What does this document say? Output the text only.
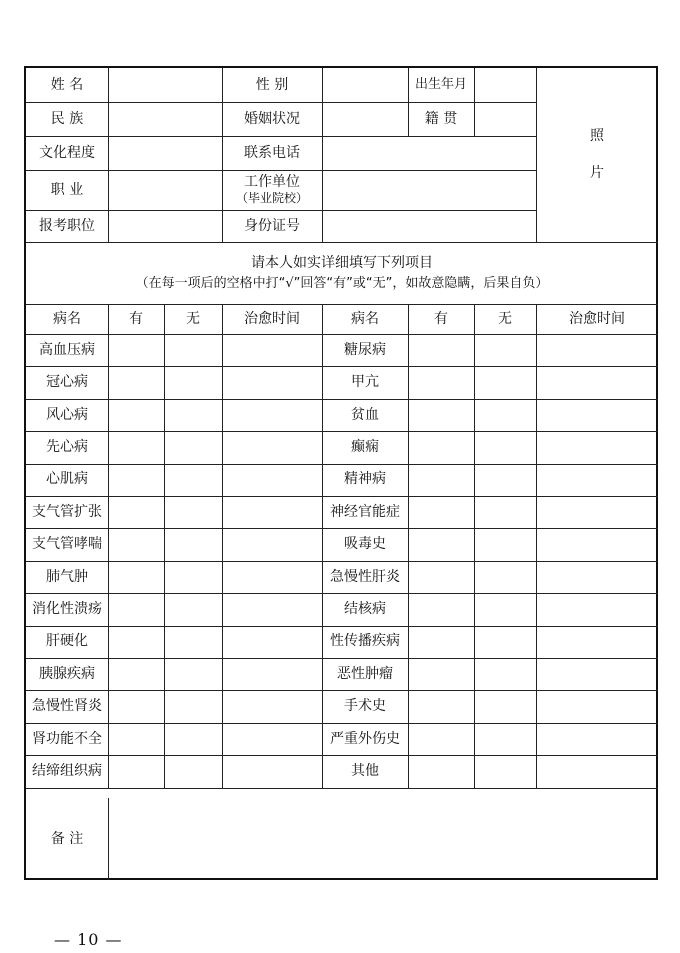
姓 名	性 别	出生年月
民 族	婚姻状况	籍 贯
文化程度	联系电话
职 业	工作单位
（毕业院校）
报考职位	身份证号
照
片
请本人如实详细填写下列项目
（在每一项后的空格中打“√”回答“有”或“无”，如故意隐瞒，后果自负）
病名	有	无	治愈时间	病名	有	无	治愈时间
高血压病	糖尿病
冠心病	甲亢
风心病	贫血
先心病	癫痫
心肌病	精神病
支气管扩张	神经官能症
支气管哮喘	吸毒史
肺气肿	急慢性肝炎
消化性溃疡	结核病
肝硬化	性传播疾病
胰腺疾病	恶性肿瘤
急慢性肾炎	手术史
肾功能不全	严重外伤史
结缔组织病	其他
备 注
— 10 —
